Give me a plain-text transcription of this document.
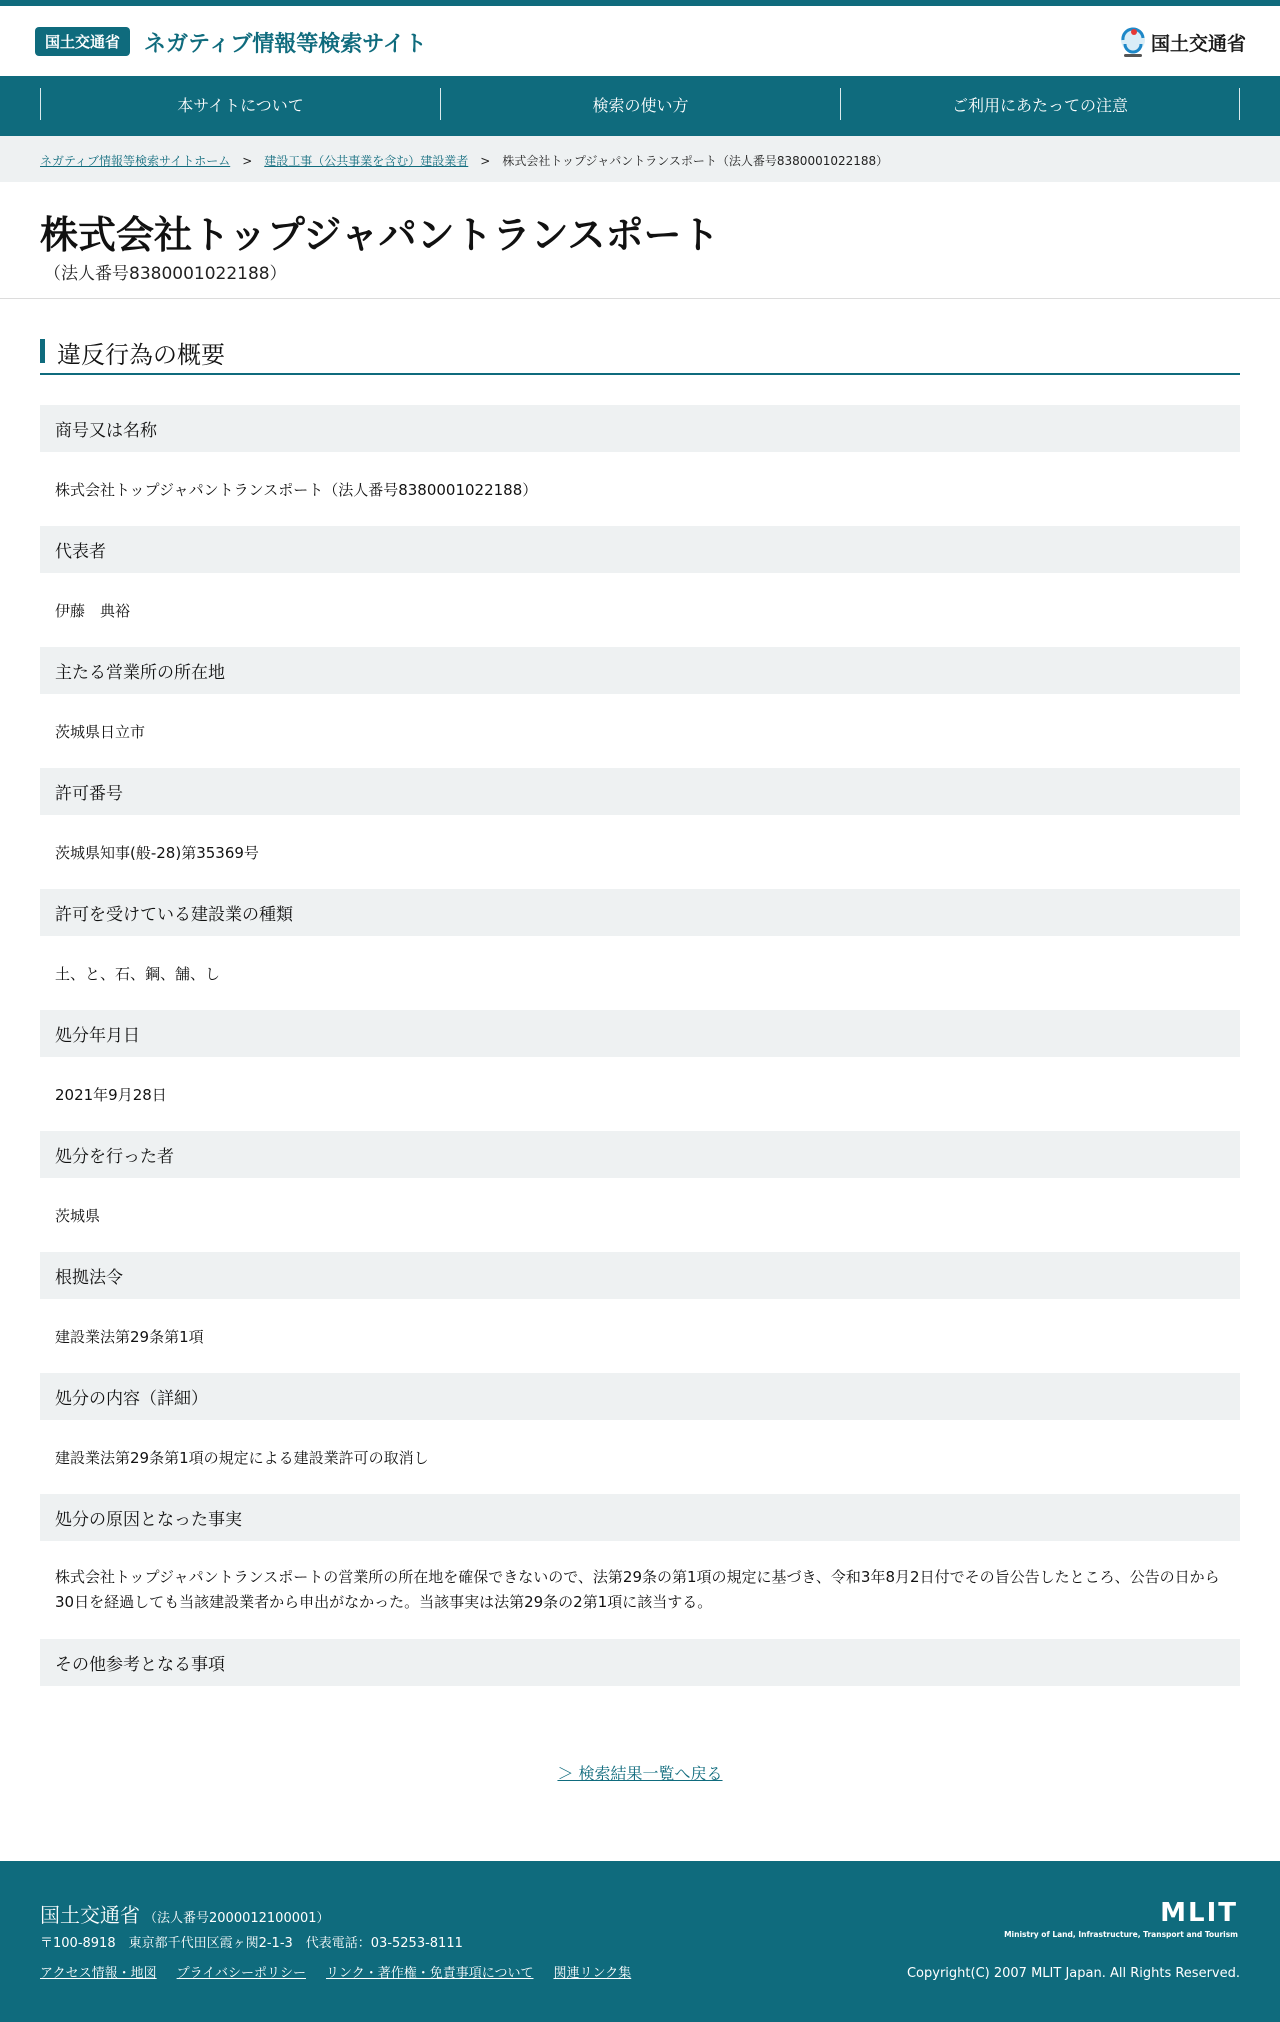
国土交通省	ネガティブ情報等検索サイト	国土交通省
本サイトについて	検索の使い方	ご利用にあたっての注意
ネガティブ情報等検索サイトホーム > 建設工事（公共事業を含む）建設業者 > 株式会社トップジャパントランスポート（法人番号8380001022188）
株式会社トップジャパントランスポート
（法人番号8380001022188）
違反行為の概要
商号又は名称
株式会社トップジャパントランスポート（法人番号8380001022188）
代表者
伊藤　典裕
主たる営業所の所在地
茨城県日立市
許可番号
茨城県知事(般-28)第35369号
許可を受けている建設業の種類
土、と、石、鋼、舗、し
処分年月日
2021年9月28日
処分を行った者
茨城県
根拠法令
建設業法第29条第1項
処分の内容（詳細）
建設業法第29条第1項の規定による建設業許可の取消し
処分の原因となった事実
株式会社トップジャパントランスポートの営業所の所在地を確保できないので、法第29条の第1項の規定に基づき、令和3年8月2日付でその旨公告したところ、公告の日から30日を経過しても当該建設業者から申出がなかった。当該事実は法第29条の2第1項に該当する。
その他参考となる事項
＞ 検索結果一覧へ戻る
国土交通省 （法人番号2000012100001）
〒100-8918　東京都千代田区霞ヶ関2-1-3　代表電話：03-5253-8111
アクセス情報・地図 プライバシーポリシー リンク・著作権・免責事項について 関連リンク集
MLIT
Ministry of Land, Infrastructure, Transport and Tourism
Copyright(C) 2007 MLIT Japan. All Rights Reserved.
